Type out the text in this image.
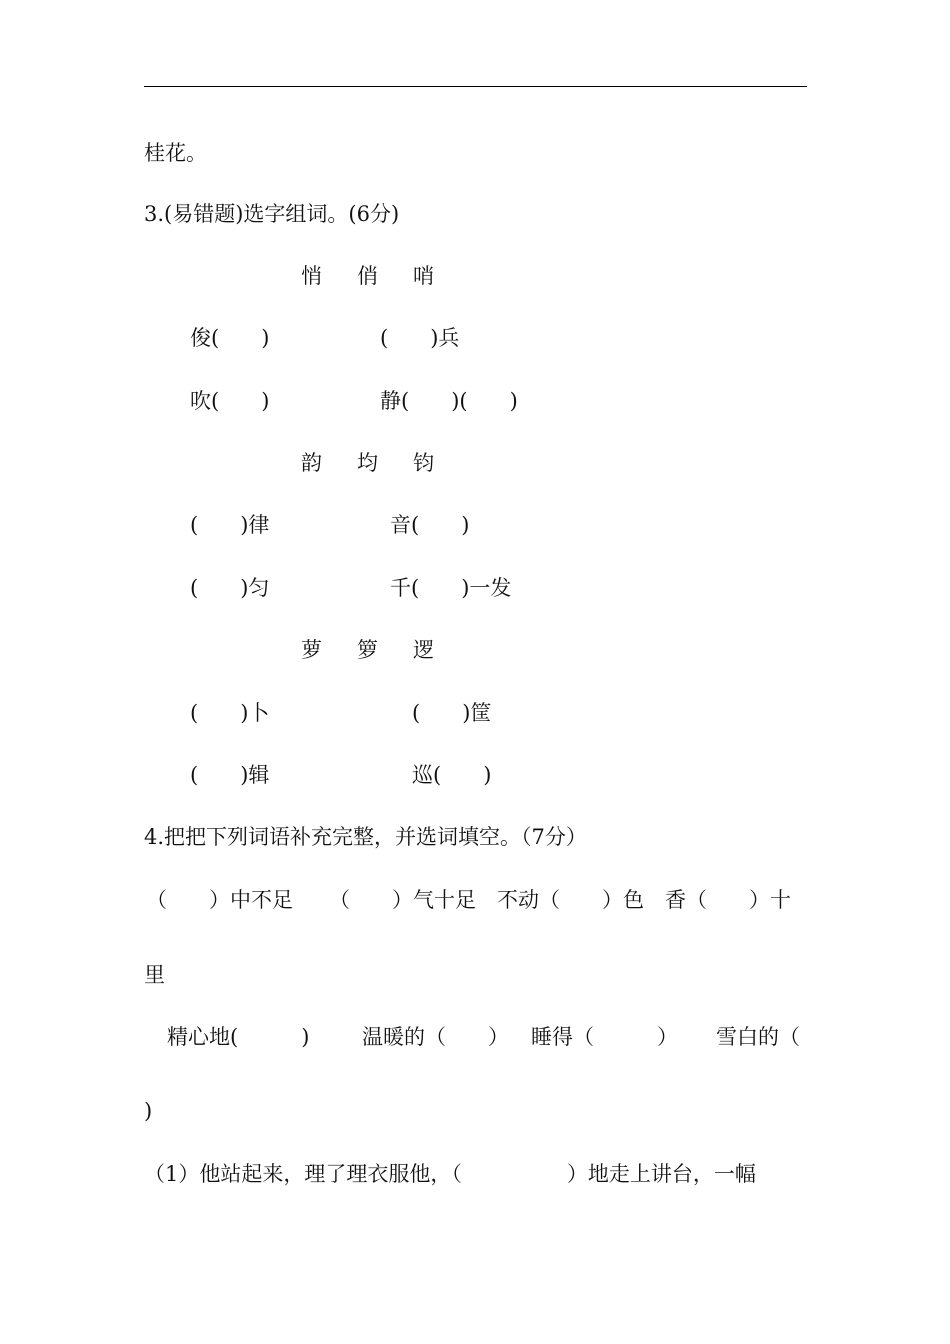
桂花。
3.(易错题)选字组词。(6分)
悄 俏 哨
俊(　　)	(　　)兵
吹(　　)	静(　　)(　　)
韵 均 钧
(　　)律	音(　　)
(　　)匀	千(　　)一发
萝 箩 逻
(　　)卜	(　　)筐
(　　)辑	巡(　　)
4.把把下列词语补充完整，并选词填空。（7分）
（　　）中不足 （　　）气十足 不动（　　）色 香（　　）十
里
精心地(　　　)	温暖的（　　） 睡得（　　　） 雪白的（
)
（1）他站起来，理了理衣服他，（　　　　　）地走上讲台，一幅
